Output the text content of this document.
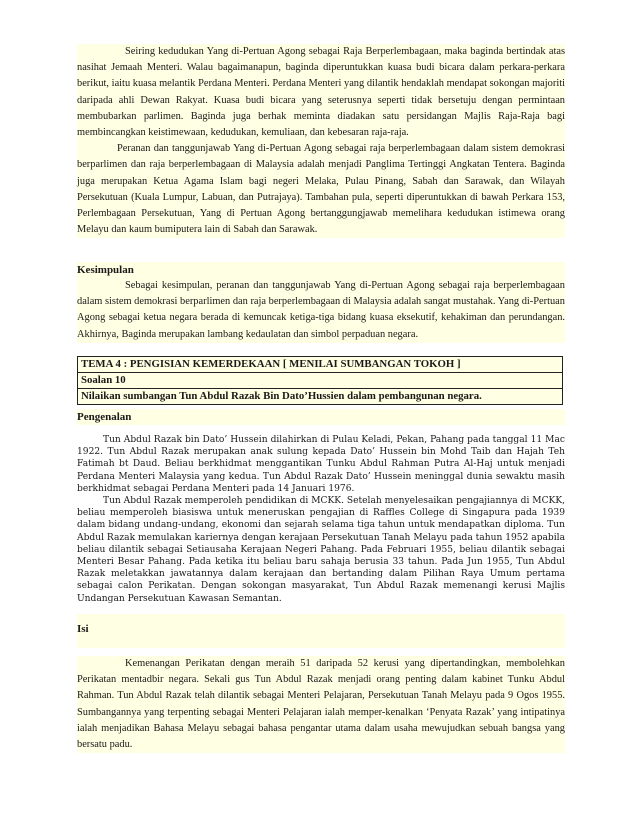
Seiring kedudukan Yang di-Pertuan Agong sebagai Raja Berperlembagaan, maka baginda bertindak atas nasihat Jemaah Menteri. Walau bagaimanapun, baginda diperuntukkan kuasa budi bicara dalam perkara-perkara berikut, iaitu kuasa melantik Perdana Menteri. Perdana Menteri yang dilantik hendaklah mendapat sokongan majoriti daripada ahli Dewan Rakyat. Kuasa budi bicara yang seterusnya seperti tidak bersetuju dengan permintaan membubarkan parlimen. Baginda juga berhak meminta diadakan satu persidangan Majlis Raja-Raja bagi membincangkan keistimewaan, kedudukan, kemuliaan, dan kebesaran raja-raja.

Peranan dan tanggunjawab Yang di-Pertuan Agong sebagai raja berperlembagaan dalam sistem demokrasi berparlimen dan raja berperlembagaan di Malaysia adalah menjadi Panglima Tertinggi Angkatan Tentera. Baginda juga merupakan Ketua Agama Islam bagi negeri Melaka, Pulau Pinang, Sabah dan Sarawak, dan Wilayah Persekutuan (Kuala Lumpur, Labuan, dan Putrajaya). Tambahan pula, seperti diperuntukkan di bawah Perkara 153, Perlembagaan Persekutuan, Yang di Pertuan Agong bertanggungjawab memelihara kedudukan istimewa orang Melayu dan kaum bumiputera lain di Sabah dan Sarawak.

Kesimpulan

Sebagai kesimpulan, peranan dan tanggunjawab Yang di-Pertuan Agong sebagai raja berperlembagaan dalam sistem demokrasi berparlimen dan raja berperlembagaan di Malaysia adalah sangat mustahak. Yang di-Pertuan Agong sebagai ketua negara berada di kemuncak ketiga-tiga bidang kuasa eksekutif, kehakiman dan perundangan. Akhirnya, Baginda merupakan lambang kedaulatan dan simbol perpaduan negara.

TEMA 4 : PENGISIAN KEMERDEKAAN [ MENILAI SUMBANGAN TOKOH ]
Soalan 10
Nilaikan sumbangan Tun Abdul Razak Bin Dato’Hussien dalam pembangunan negara.

Pengenalan

Tun Abdul Razak bin Dato’ Hussein dilahirkan di Pulau Keladi, Pekan, Pahang pada tanggal 11 Mac 1922. Tun Abdul Razak merupakan anak sulung kepada Dato’ Hussein bin Mohd Taib dan Hajah Teh Fatimah bt Daud. Beliau berkhidmat menggantikan Tunku Abdul Rahman Putra Al-Haj untuk menjadi Perdana Menteri Malaysia yang kedua. Tun Abdul Razak Dato’ Hussein meninggal dunia sewaktu masih berkhidmat sebagai Perdana Menteri pada 14 Januari 1976.

Tun Abdul Razak memperoleh pendidikan di MCKK. Setelah menyelesaikan pengajiannya di MCKK, beliau memperoleh biasiswa untuk meneruskan pengajian di Raffles College di Singapura pada 1939 dalam bidang undang-undang, ekonomi dan sejarah selama tiga tahun untuk mendapatkan diploma. Tun Abdul Razak memulakan kariernya dengan kerajaan Persekutuan Tanah Melayu pada tahun 1952 apabila beliau dilantik sebagai Setiausaha Kerajaan Negeri Pahang. Pada Februari 1955, beliau dilantik sebagai Menteri Besar Pahang. Pada ketika itu beliau baru sahaja berusia 33 tahun. Pada Jun 1955, Tun Abdul Razak meletakkan jawatannya dalam kerajaan dan bertanding dalam Pilihan Raya Umum pertama sebagai calon Perikatan. Dengan sokongan masyarakat, Tun Abdul Razak memenangi kerusi Majlis Undangan Persekutuan Kawasan Semantan.

Isi

Kemenangan Perikatan dengan meraih 51 daripada 52 kerusi yang dipertandingkan, membolehkan Perikatan mentadbir negara. Sekali gus Tun Abdul Razak menjadi orang penting dalam kabinet Tunku Abdul Rahman. Tun Abdul Razak telah dilantik sebagai Menteri Pelajaran, Persekutuan Tanah Melayu pada 9 Ogos 1955. Sumbangannya yang terpenting sebagai Menteri Pelajaran ialah memper-kenalkan ‘Penyata Razak’ yang intipatinya ialah menjadikan Bahasa Melayu sebagai bahasa pengantar utama dalam usaha mewujudkan sebuah bangsa yang bersatu padu.
